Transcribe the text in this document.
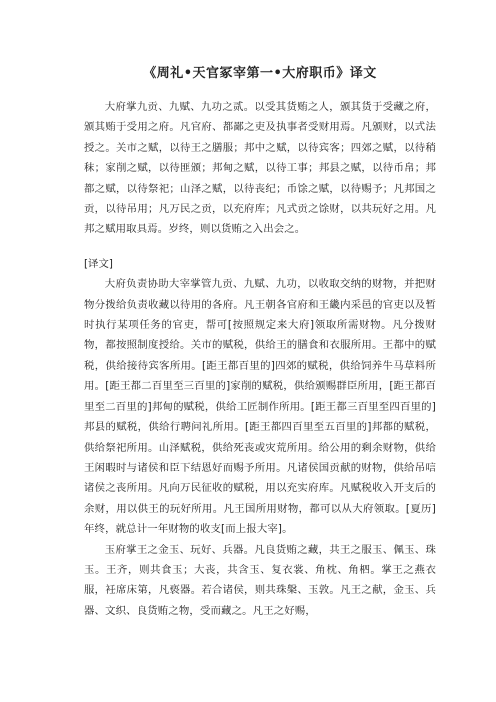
《周礼•天官冢宰第一•大府职币》译文

大府掌九贡、九赋、九功之贰。以受其货贿之人，颁其货于受藏之府，颁其贿于受用之府。凡官府、都鄙之吏及执事者受财用焉。凡颁财，以式法授之。关市之赋，以待王之膳服；邦中之赋，以待宾客；四郊之赋，以待稍秣；家削之赋，以待匪颁；邦甸之赋，以待工事；邦县之赋，以待币帛；邦都之赋，以待祭祀；山泽之赋，以待丧纪；币馀之赋，以待赐予；凡邦国之贡，以待吊用；凡万民之贡，以充府库；凡式贡之馀财，以共玩好之用。凡邦之赋用取具焉。岁终，则以货贿之入出会之。

[译文]

大府负责协助大宰掌管九贡、九赋、九功，以收取交纳的财物，并把财物分拨给负责收藏以待用的各府。凡王朝各官府和王畿内采邑的官吏以及暂时执行某项任务的官吏，帮可[按照规定来大府]领取所需财物。凡分拨财物，都按照制度授给。关市的赋税，供给王的膳食和衣服所用。王都中的赋税，供给接待宾客所用。[距王都百里的]四郊的赋税，供给饲养牛马草料所用。[距王都二百里至三百里的]家削的赋税，供给颁赐群臣所用，[距王都百里至二百里的]邦甸的赋税，供给工匠制作所用。[距王都三百里至四百里的]邦县的赋税，供给行聘问礼所用。[距王都四百里至五百里的]邦都的赋税，供给祭祀所用。山泽赋税，供给死丧或灾荒所用。给公用的剩余财物，供给王闲暇时与诸侯和臣下结恩好而赐予所用。凡诸侯国贡献的财物，供给吊唁诸侯之丧所用。凡向万民征收的赋税，用以充实府库。凡赋税收入开支后的余财，用以供王的玩好所用。凡王国所用财物，都可以从大府领取。[夏历]年终，就总计一年财物的收支[而上报大宰]。

玉府掌王之金玉、玩好、兵器。凡良货贿之藏，共王之服玉、佩玉、珠玉。王齐，则共食玉；大丧，共含玉、复衣裳、角枕、角柶。掌王之燕衣服，衽席床第，凡亵器。若合诸侯，则共珠槃、玉敦。凡王之献，金玉、兵器、文织、良货贿之物，受而藏之。凡王之好赐，
